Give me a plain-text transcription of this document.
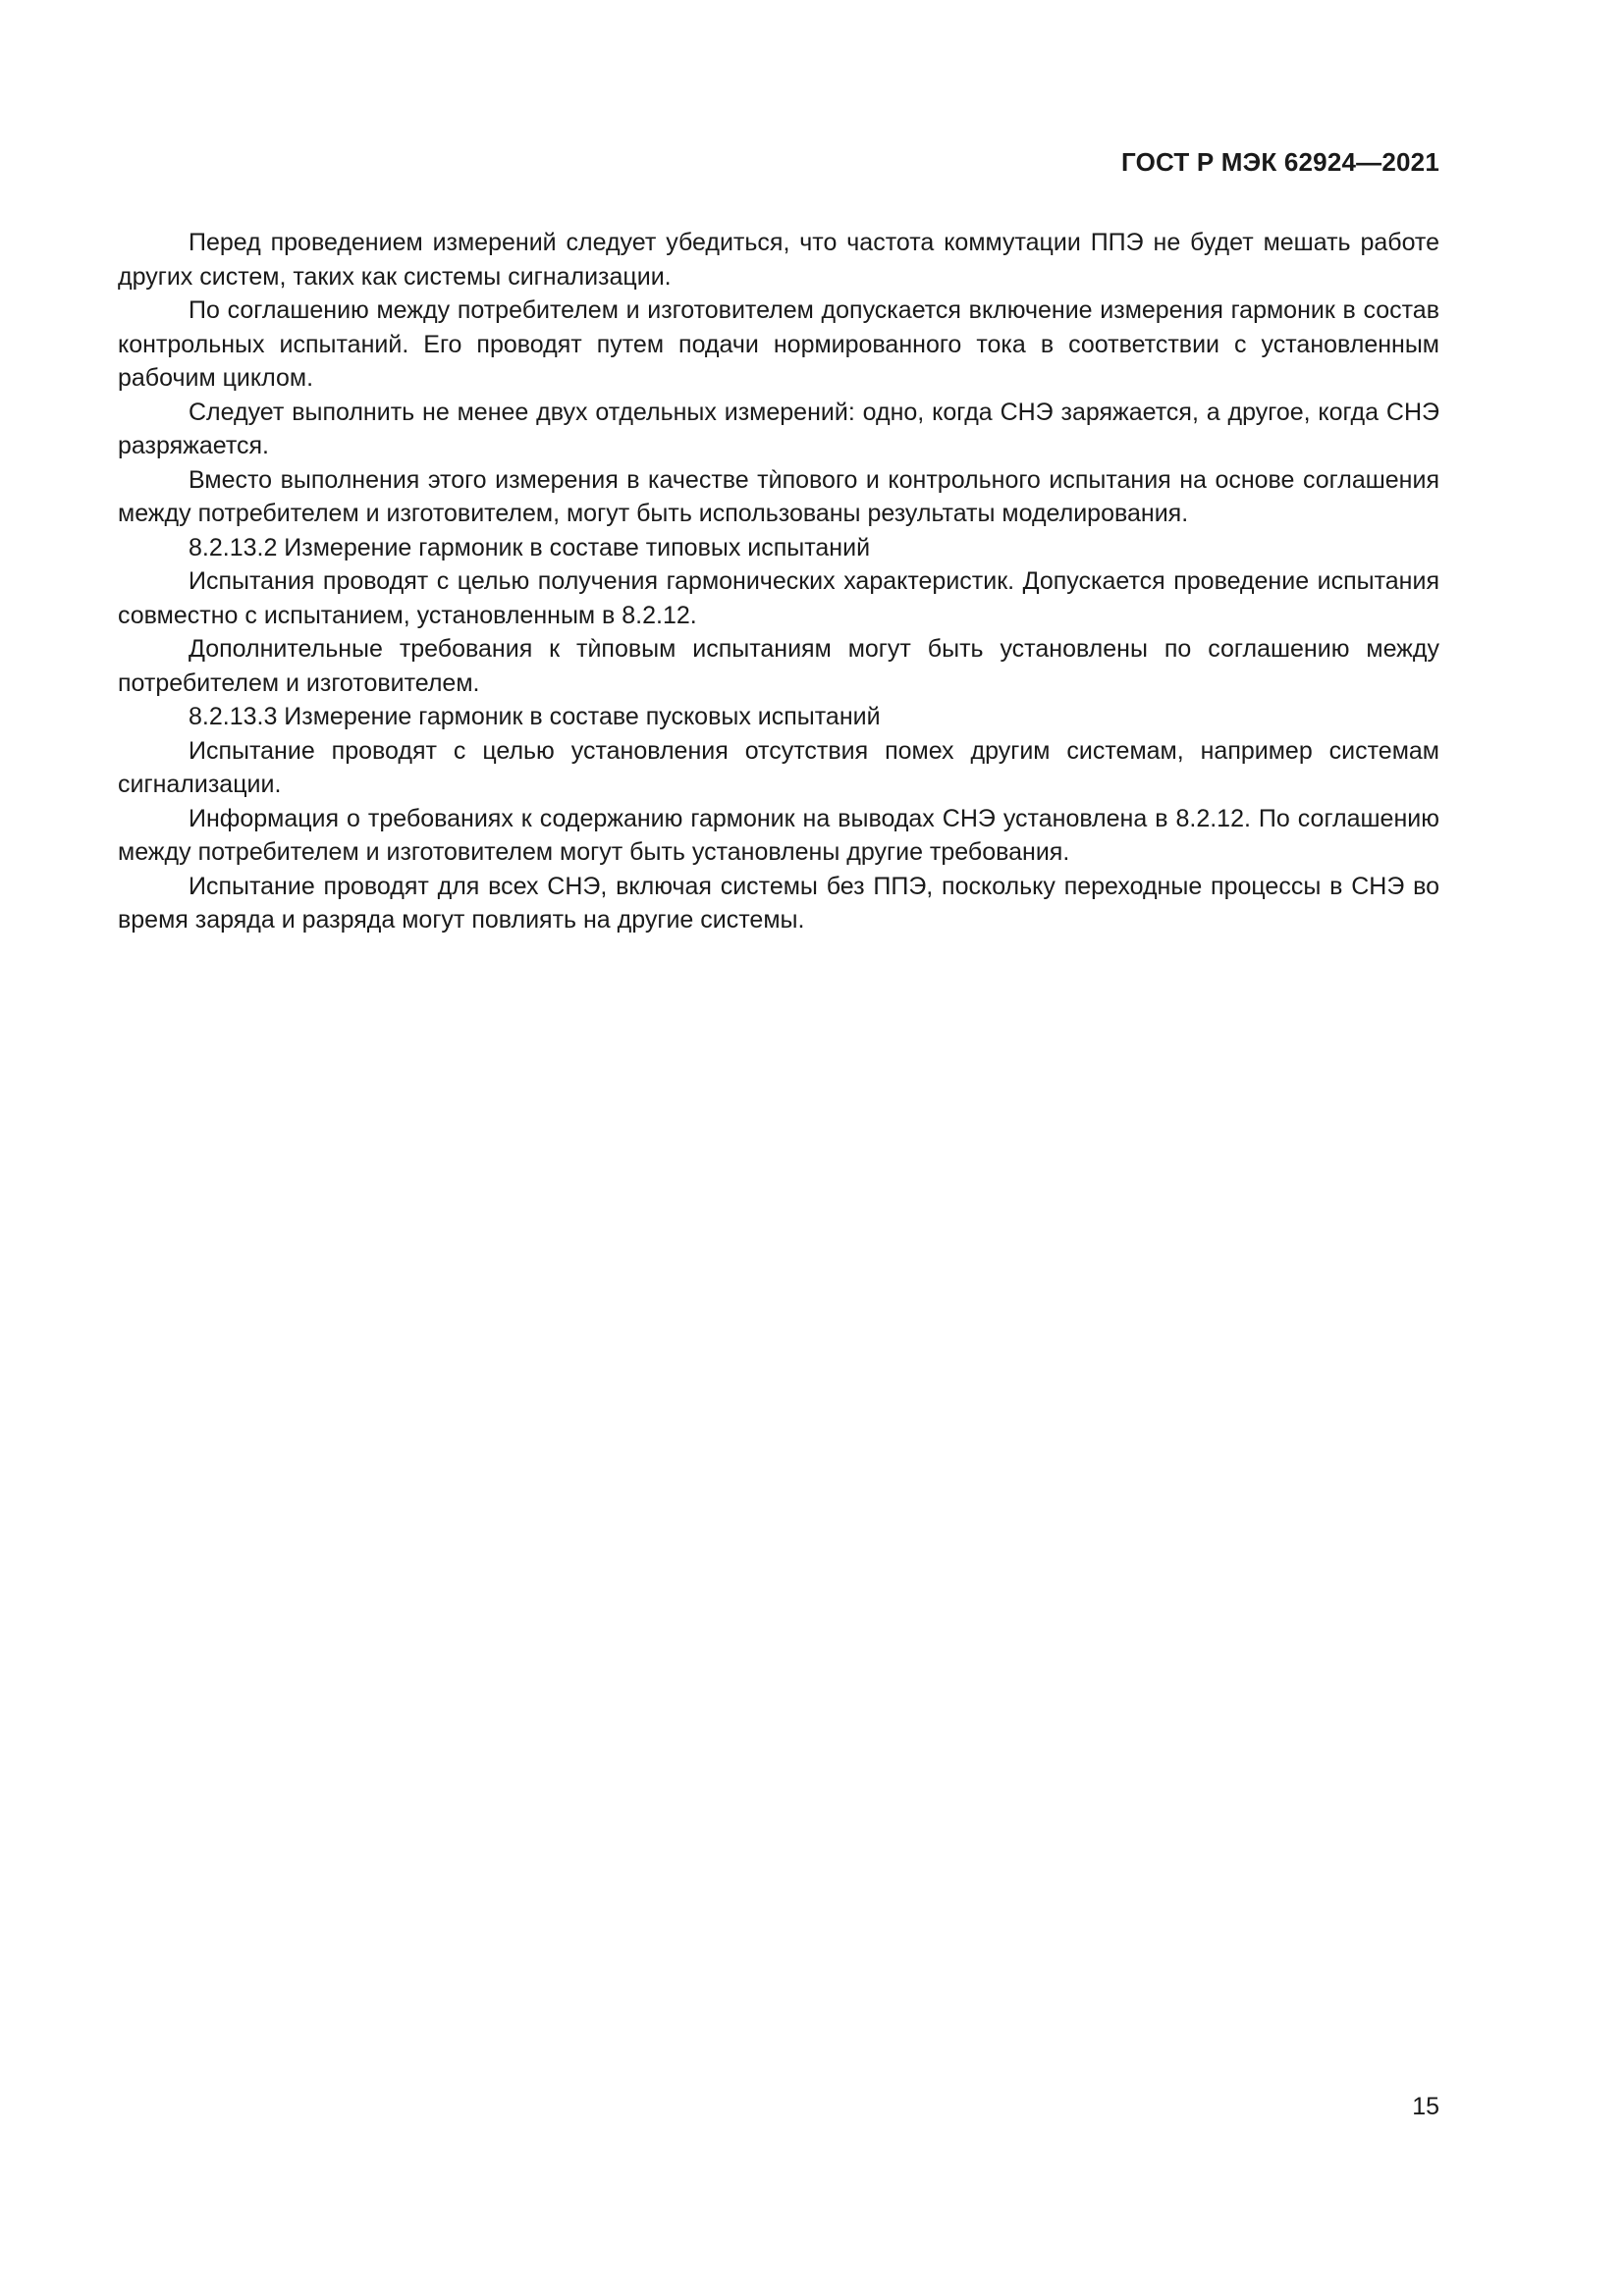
ГОСТ Р МЭК 62924—2021

Перед проведением измерений следует убедиться, что частота коммутации ППЭ не будет мешать работе других систем, таких как системы сигнализации.

По соглашению между потребителем и изготовителем допускается включение измерения гармоник в состав контрольных испытаний. Его проводят путем подачи нормированного тока в соответствии с установленным рабочим циклом.

Следует выполнить не менее двух отдельных измерений: одно, когда СНЭ заряжается, а другое, когда СНЭ разряжается.

Вместо выполнения этого измерения в качестве тѝпового и контрольного испытания на основе соглашения между потребителем и изготовителем, могут быть использованы результаты моделирования.

8.2.13.2 Измерение гармоник в составе типовых испытаний

Испытания проводят с целью получения гармонических характеристик. Допускается проведение испытания совместно с испытанием, установленным в 8.2.12.

Дополнительные требования к тѝповым испытаниям могут быть установлены по соглашению между потребителем и изготовителем.

8.2.13.3 Измерение гармоник в составе пусковых испытаний

Испытание проводят с целью установления отсутствия помех другим системам, например системам сигнализации.

Информация о требованиях к содержанию гармоник на выводах СНЭ установлена в 8.2.12. По соглашению между потребителем и изготовителем могут быть установлены другие требования.

Испытание проводят для всех СНЭ, включая системы без ППЭ, поскольку переходные процессы в СНЭ во время заряда и разряда могут повлиять на другие системы.

15
